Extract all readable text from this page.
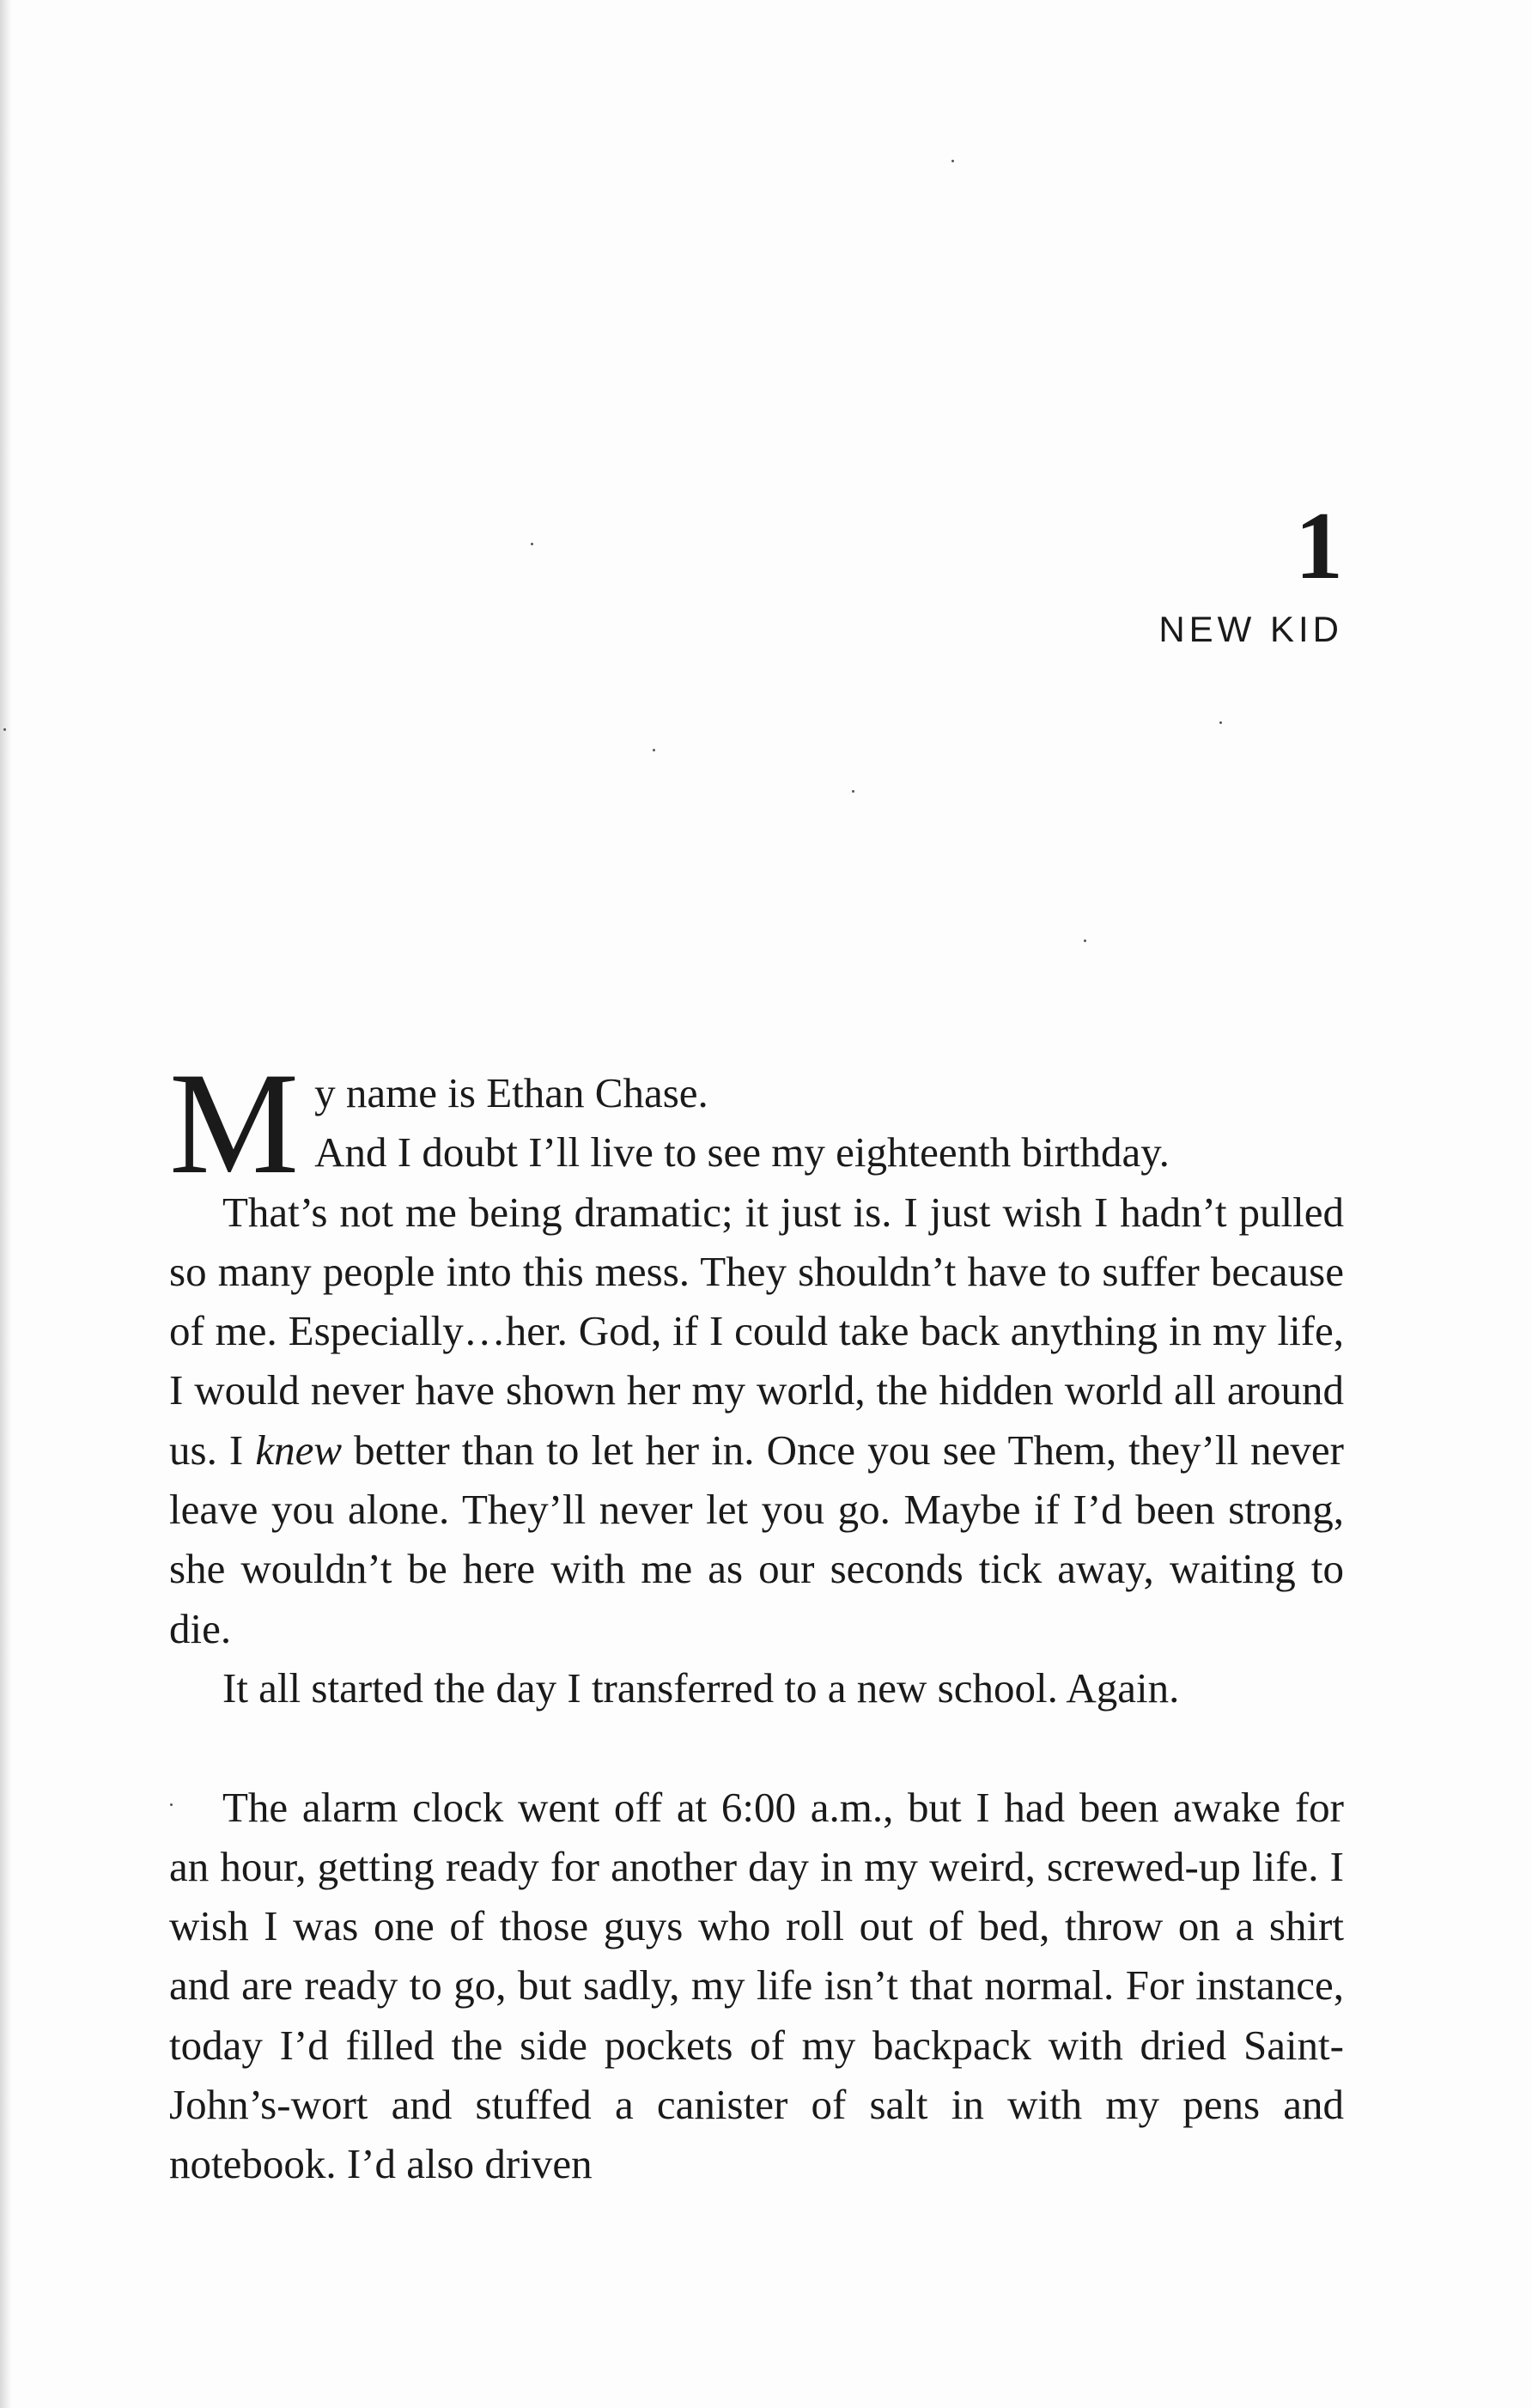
1
NEW KID
M y name is Ethan Chase.
And I doubt I’ll live to see my eighteenth birthday.

That’s not me being dramatic; it just is. I just wish I hadn’t pulled so many people into this mess. They shouldn’t have to suffer because of me. Especially…her. God, if I could take back anything in my life, I would never have shown her my world, the hidden world all around us. I knew better than to let her in. Once you see Them, they’ll never leave you alone. They’ll never let you go. Maybe if I’d been strong, she wouldn’t be here with me as our seconds tick away, waiting to die.

It all started the day I transferred to a new school. Again.

The alarm clock went off at 6:00 a.m., but I had been awake for an hour, getting ready for another day in my weird, screwed-up life. I wish I was one of those guys who roll out of bed, throw on a shirt and are ready to go, but sadly, my life isn’t that normal. For instance, today I’d filled the side pockets of my backpack with dried Saint-John’s-wort and stuffed a canister of salt in with my pens and notebook. I’d also driven
